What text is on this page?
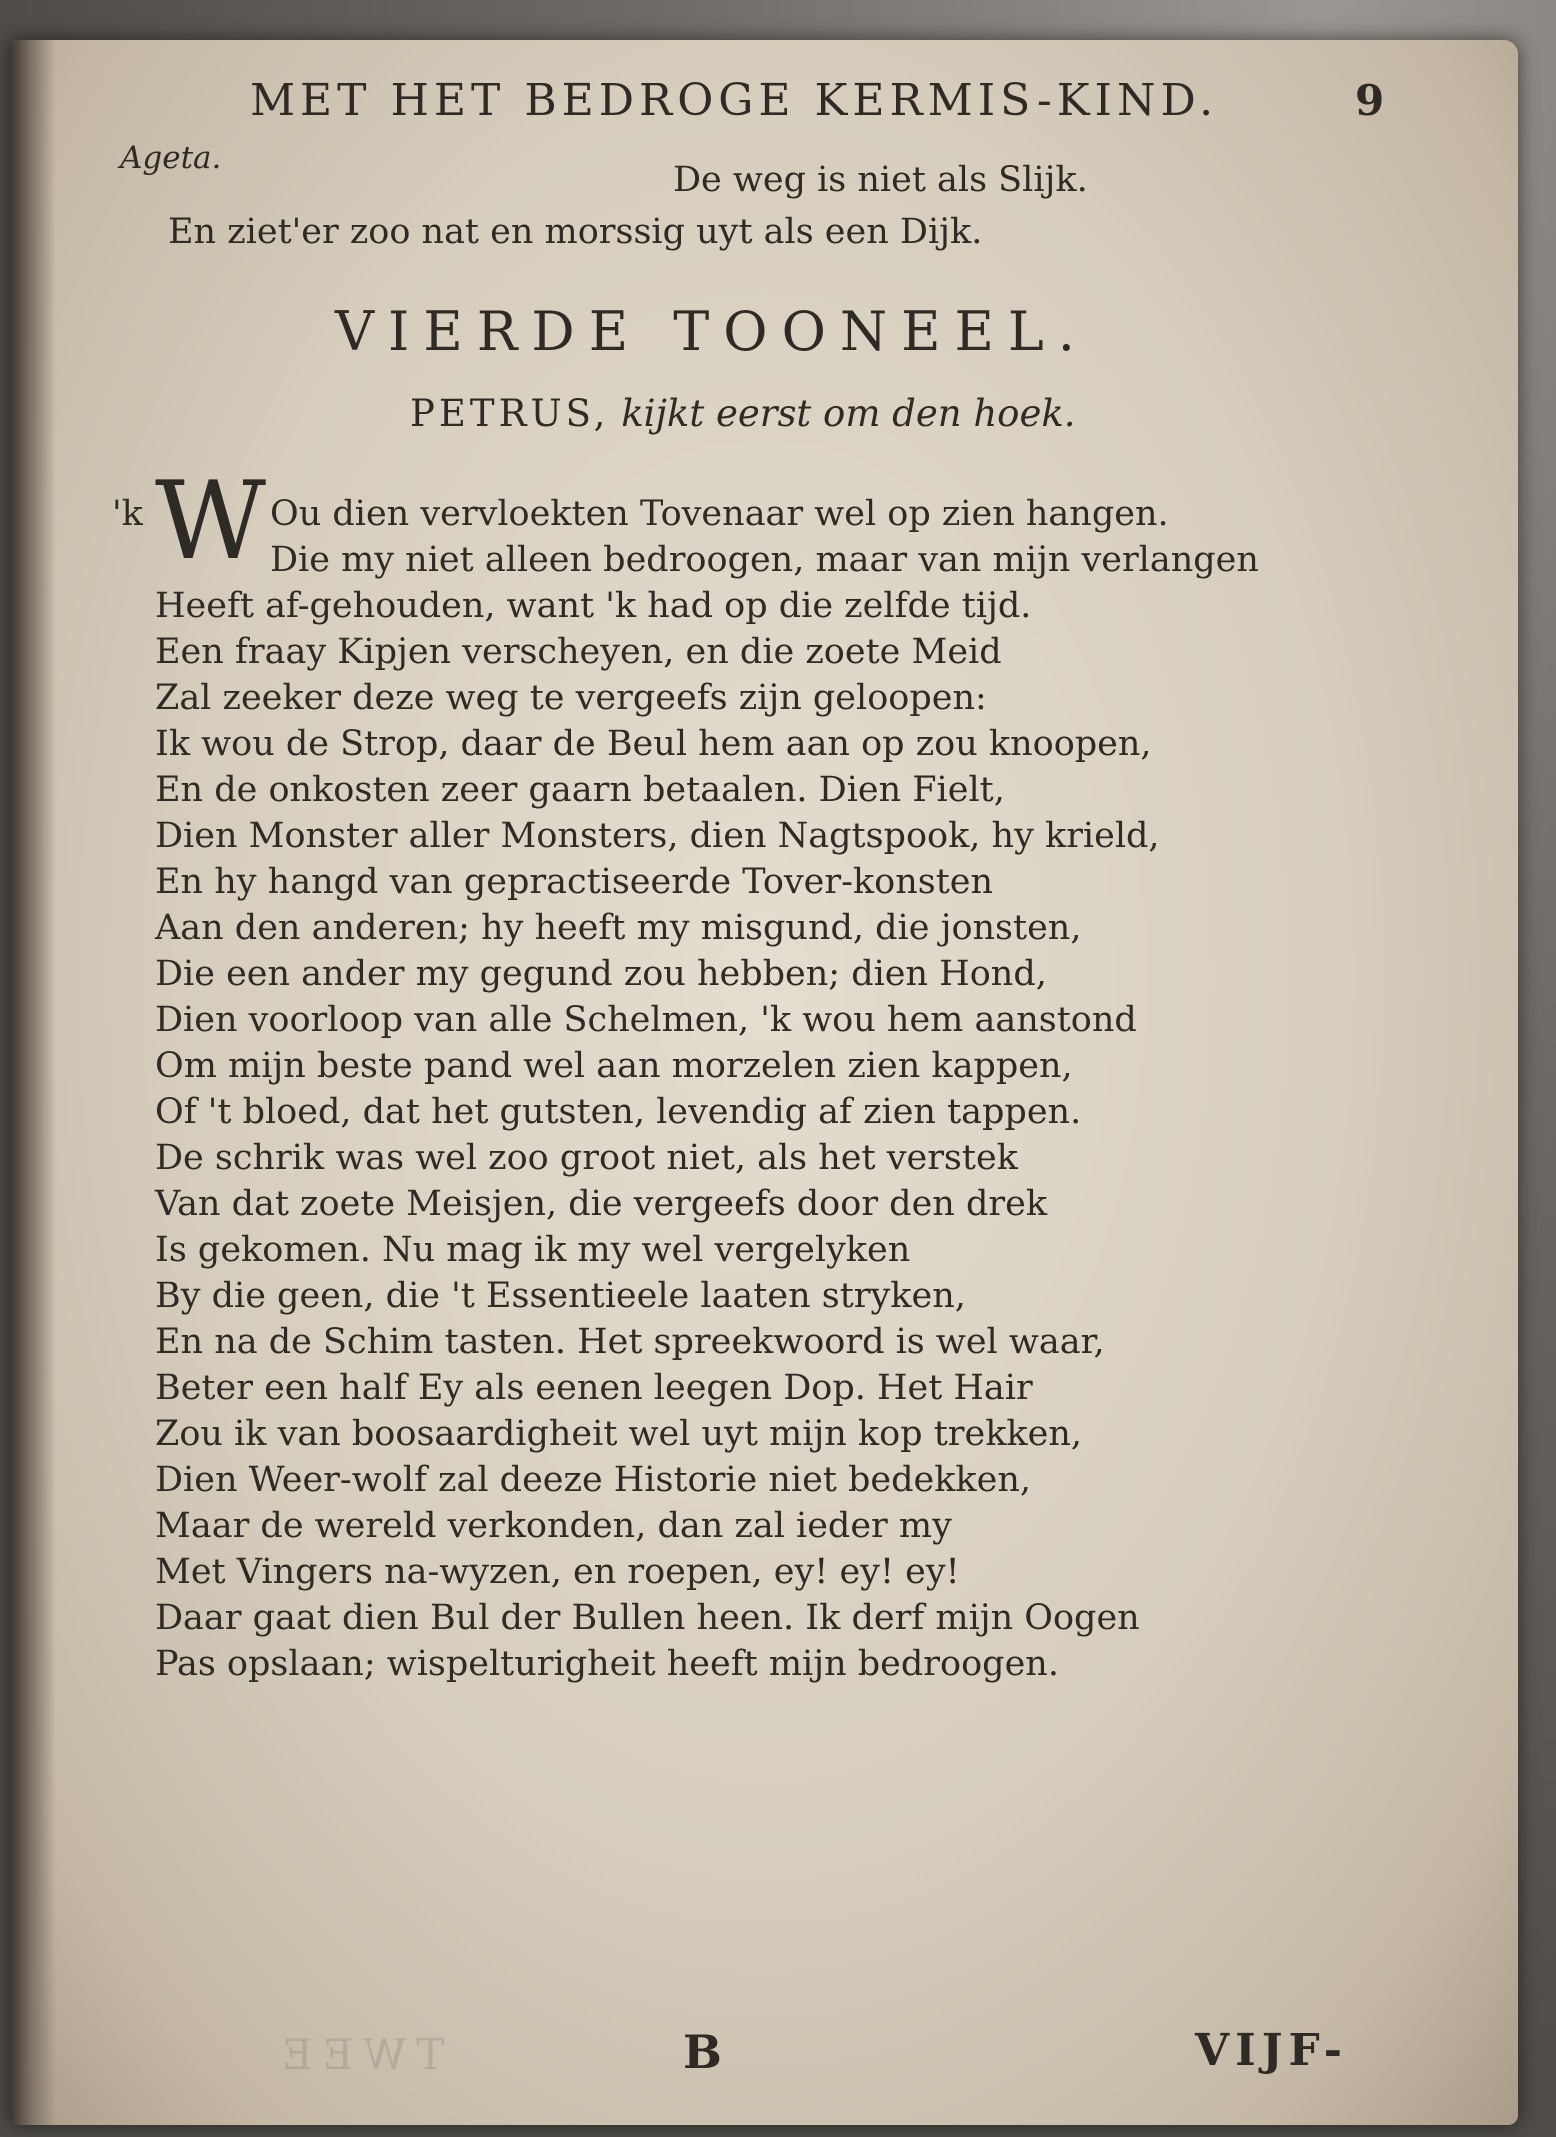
MET HET BEDROGE KERMIS-KIND.	9
Ageta.
De weg is niet als Slijk.
En ziet'er zoo nat en morssig uyt als een Dijk.
VIERDE TOONEEL.
PETRUS, kijkt eerst om den hoek.
'k W Ou dien vervloekten Tovenaar wel op zien hangen.
Die my niet alleen bedroogen, maar van mijn verlangen
Heeft af-gehouden, want 'k had op die zelfde tijd.
Een fraay Kipjen verscheyen, en die zoete Meid
Zal zeeker deze weg te vergeefs zijn geloopen:
Ik wou de Strop, daar de Beul hem aan op zou knoopen,
En de onkosten zeer gaarn betaalen. Dien Fielt,
Dien Monster aller Monsters, dien Nagtspook, hy krield,
En hy hangd van gepractiseerde Tover-konsten
Aan den anderen; hy heeft my misgund, die jonsten,
Die een ander my gegund zou hebben; dien Hond,
Dien voorloop van alle Schelmen, 'k wou hem aanstond
Om mijn beste pand wel aan morzelen zien kappen,
Of 't bloed, dat het gutsten, levendig af zien tappen.
De schrik was wel zoo groot niet, als het verstek
Van dat zoete Meisjen, die vergeefs door den drek
Is gekomen. Nu mag ik my wel vergelyken
By die geen, die 't Essentieele laaten stryken,
En na de Schim tasten. Het spreekwoord is wel waar,
Beter een half Ey als eenen leegen Dop. Het Hair
Zou ik van boosaardigheit wel uyt mijn kop trekken,
Dien Weer-wolf zal deeze Historie niet bedekken,
Maar de wereld verkonden, dan zal ieder my
Met Vingers na-wyzen, en roepen, ey! ey! ey!
Daar gaat dien Bul der Bullen heen. Ik derf mijn Oogen
Pas opslaan; wispelturigheit heeft mijn bedroogen.
TWEE	B	VIJF-
